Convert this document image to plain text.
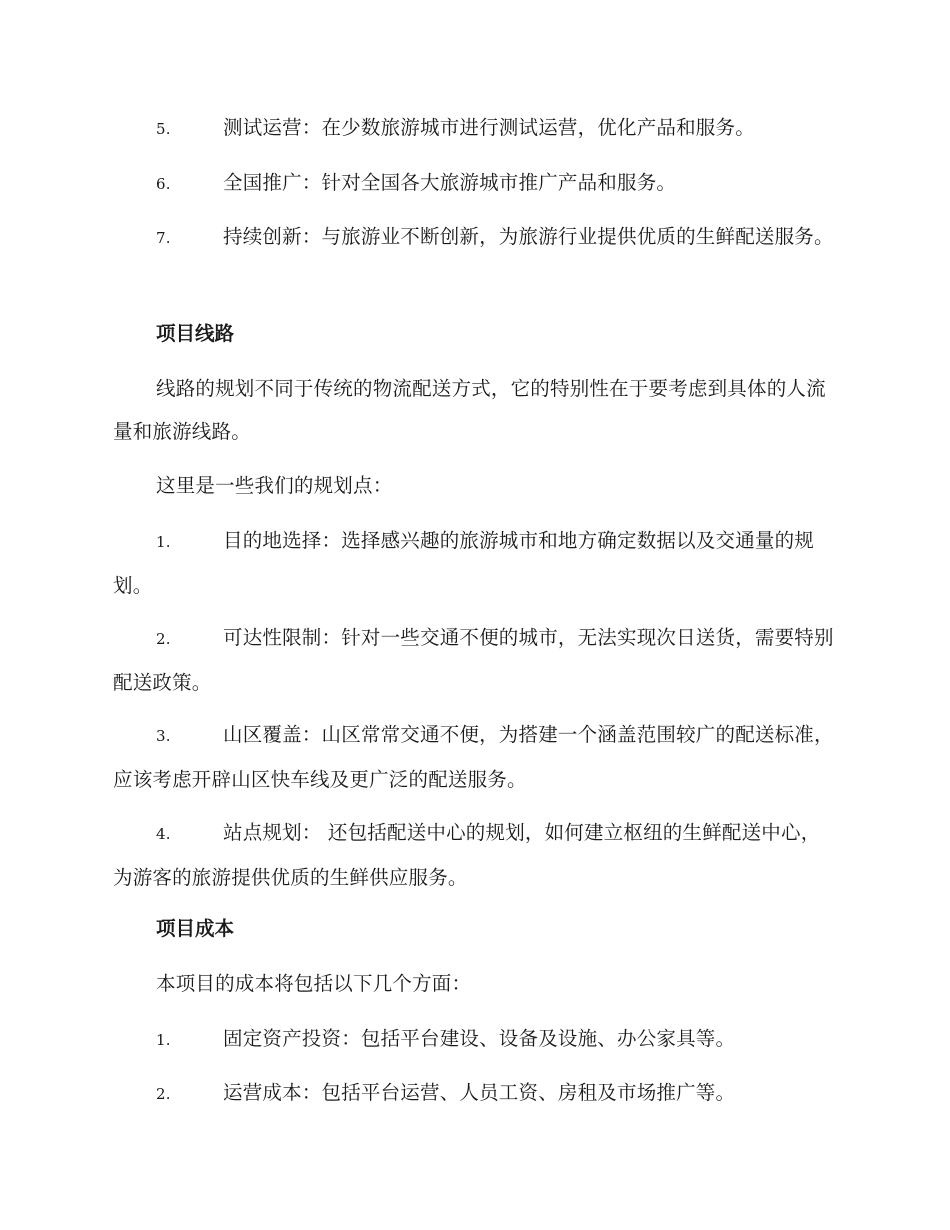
5.	测试运营：在少数旅游城市进行测试运营，优化产品和服务。
6.	全国推广：针对全国各大旅游城市推广产品和服务。
7.	持续创新：与旅游业不断创新，为旅游行业提供优质的生鲜配送服务。
项目线路
线路的规划不同于传统的物流配送方式，它的特别性在于要考虑到具体的人流量和旅游线路。
这里是一些我们的规划点：
1.	目的地选择：选择感兴趣的旅游城市和地方确定数据以及交通量的规划。
2.	可达性限制：针对一些交通不便的城市，无法实现次日送货，需要特别配送政策。
3.	山区覆盖：山区常常交通不便，为搭建一个涵盖范围较广的配送标准，应该考虑开辟山区快车线及更广泛的配送服务。
4.	站点规划： 还包括配送中心的规划，如何建立枢纽的生鲜配送中心，为游客的旅游提供优质的生鲜供应服务。
项目成本
本项目的成本将包括以下几个方面：
1.	固定资产投资：包括平台建设、设备及设施、办公家具等。
2.	运营成本：包括平台运营、人员工资、房租及市场推广等。
